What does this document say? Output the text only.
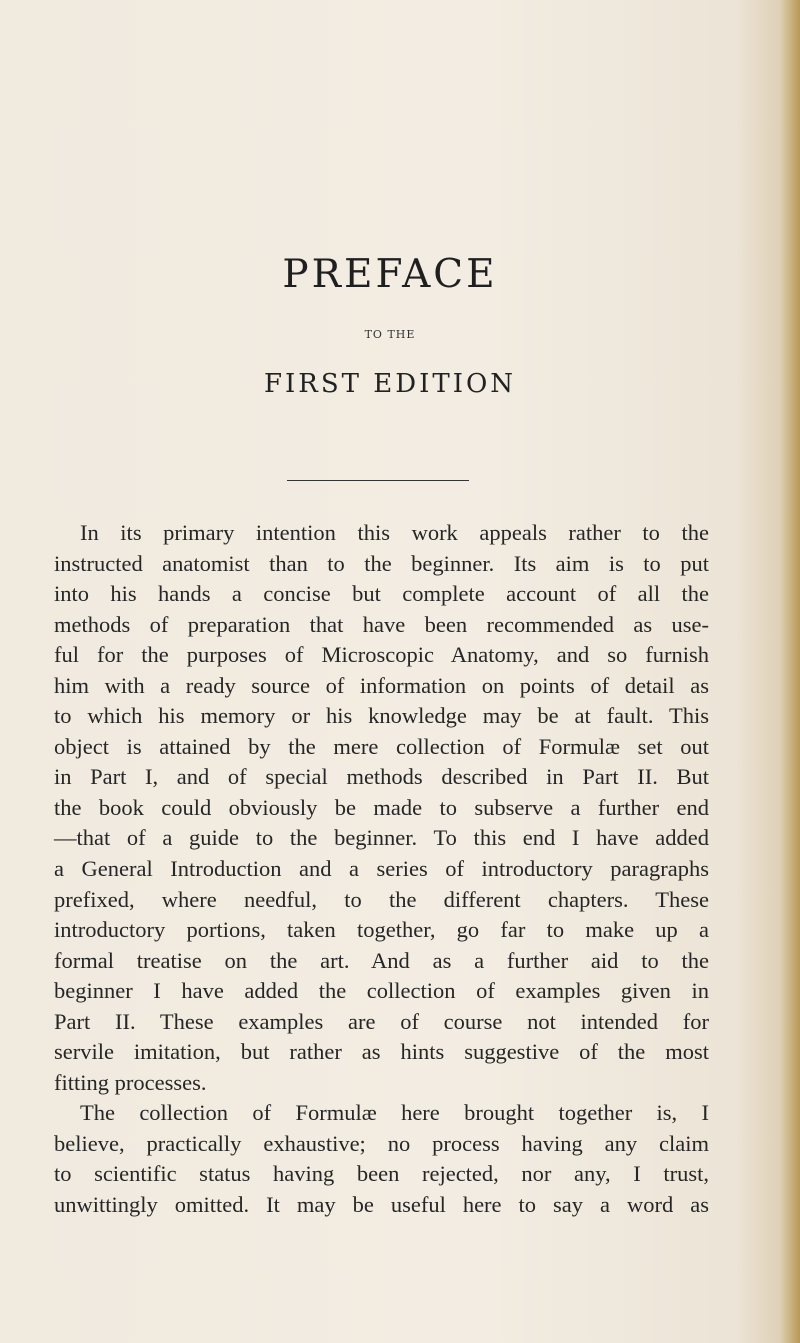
PREFACE
TO THE
FIRST EDITION
In its primary intention this work appeals rather to the
instructed anatomist than to the beginner. Its aim is to put
into his hands a concise but complete account of all the
methods of preparation that have been recommended as use-
ful for the purposes of Microscopic Anatomy, and so furnish
him with a ready source of information on points of detail as
to which his memory or his knowledge may be at fault. This
object is attained by the mere collection of Formulæ set out
in Part I, and of special methods described in Part II. But
the book could obviously be made to subserve a further end
—that of a guide to the beginner. To this end I have added
a General Introduction and a series of introductory paragraphs
prefixed, where needful, to the different chapters. These
introductory portions, taken together, go far to make up a
formal treatise on the art. And as a further aid to the
beginner I have added the collection of examples given in
Part II. These examples are of course not intended for
servile imitation, but rather as hints suggestive of the most
fitting processes.
The collection of Formulæ here brought together is, I
believe, practically exhaustive; no process having any claim
to scientific status having been rejected, nor any, I trust,
unwittingly omitted. It may be useful here to say a word as
